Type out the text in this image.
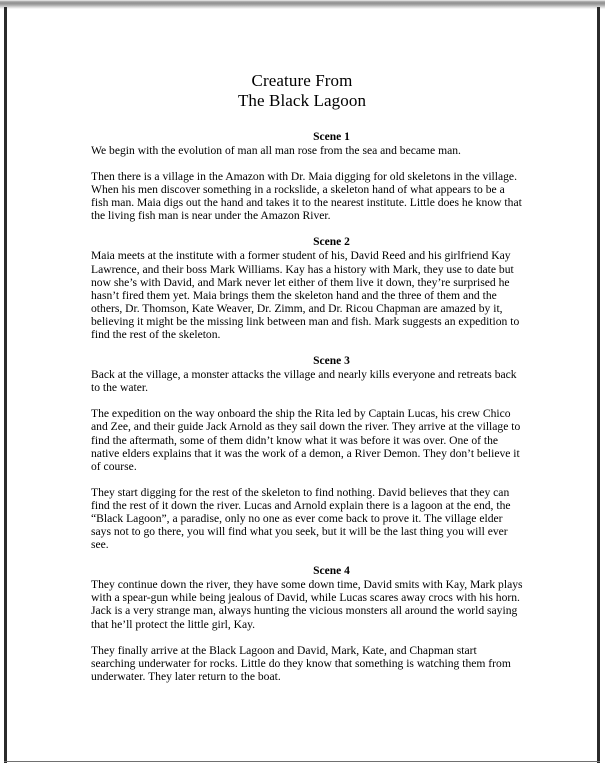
Creature From
The Black Lagoon
Scene 1

We begin with the evolution of man all man rose from the sea and became man.

Then there is a village in the Amazon with Dr. Maia digging for old skeletons in the village. When his men discover something in a rockslide, a skeleton hand of what appears to be a fish man. Maia digs out the hand and takes it to the nearest institute. Little does he know that the living fish man is near under the Amazon River.

Scene 2

Maia meets at the institute with a former student of his, David Reed and his girlfriend Kay Lawrence, and their boss Mark Williams. Kay has a history with Mark, they use to date but now she’s with David, and Mark never let either of them live it down, they’re surprised he hasn’t fired them yet. Maia brings them the skeleton hand and the three of them and the others, Dr. Thomson, Kate Weaver, Dr. Zimm, and Dr. Ricou Chapman are amazed by it, believing it might be the missing link between man and fish. Mark suggests an expedition to find the rest of the skeleton.

Scene 3

Back at the village, a monster attacks the village and nearly kills everyone and retreats back to the water.

The expedition on the way onboard the ship the Rita led by Captain Lucas, his crew Chico and Zee, and their guide Jack Arnold as they sail down the river. They arrive at the village to find the aftermath, some of them didn’t know what it was before it was over. One of the native elders explains that it was the work of a demon, a River Demon. They don’t believe it of course.

They start digging for the rest of the skeleton to find nothing. David believes that they can find the rest of it down the river. Lucas and Arnold explain there is a lagoon at the end, the “Black Lagoon”, a paradise, only no one as ever come back to prove it. The village elder says not to go there, you will find what you seek, but it will be the last thing you will ever see.

Scene 4

They continue down the river, they have some down time, David smits with Kay, Mark plays with a spear-gun while being jealous of David, while Lucas scares away crocs with his horn. Jack is a very strange man, always hunting the vicious monsters all around the world saying that he’ll protect the little girl, Kay.

They finally arrive at the Black Lagoon and David, Mark, Kate, and Chapman start searching underwater for rocks. Little do they know that something is watching them from underwater. They later return to the boat.
